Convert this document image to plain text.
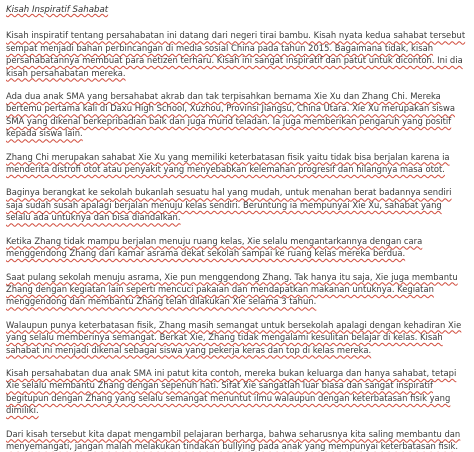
Kisah Inspiratif Sahabat

Kisah inspiratif tentang persahabatan ini datang dari negeri tirai bambu. Kisah nyata kedua sahabat tersebut sempat menjadi bahan perbincangan di media sosial China pada tahun 2015. Bagaimana tidak, kisah persahabatannya membuat para netizen terharu. Kisah ini sangat inspiratif dan patut untuk dicontoh. Ini dia kisah persahabatan mereka.

Ada dua anak SMA yang bersahabat akrab dan tak terpisahkan bernama Xie Xu dan Zhang Chi. Mereka bertemu pertama kali di Daxu High School, Xuzhou, Provinsi Jiangsu, China Utara. Xie Xu merupakan siswa SMA yang dikenal berkepribadian baik dan juga murid teladan. Ia juga memberikan pengaruh yang positif kepada siswa lain.

Zhang Chi merupakan sahabat Xie Xu yang memiliki keterbatasan fisik yaitu tidak bisa berjalan karena ia menderita distrofi otot atau penyakit yang menyebabkan kelemahan progresif dan hilangnya masa otot.

Baginya berangkat ke sekolah bukanlah sesuatu hal yang mudah, untuk menahan berat badannya sendiri saja sudah susah apalagi berjalan menuju kelas sendiri. Beruntung ia mempunyai Xie Xu, sahabat yang selalu ada untuknya dan bisa diandalkan.

Ketika Zhang tidak mampu berjalan menuju ruang kelas, Xie selalu mengantarkannya dengan cara menggendong Zhang dari kamar asrama dekat sekolah sampai ke ruang kelas mereka berdua.

Saat pulang sekolah menuju asrama, Xie pun menggendong Zhang. Tak hanya itu saja, Xie juga membantu Zhang dengan kegiatan lain seperti mencuci pakaian dan mendapatkan makanan untuknya. Kegiatan menggendong dan membantu Zhang telah dilakukan Xie selama 3 tahun.

Walaupun punya keterbatasan fisik, Zhang masih semangat untuk bersekolah apalagi dengan kehadiran Xie yang selalu memberinya semangat. Berkat Xie, Zhang tidak mengalami kesulitan belajar di kelas. Kisah sahabat ini menjadi dikenal sebagai siswa yang pekerja keras dan top di kelas mereka.

Kisah persahabatan dua anak SMA ini patut kita contoh, mereka bukan keluarga dan hanya sahabat, tetapi Xie selalu membantu Zhang dengan sepenuh hati. Sifat Xie sangatlah luar biasa dan sangat inspiratif begitupun dengan Zhang yang selalu semangat menuntut ilmu walaupun dengan keterbatasan fisik yang dimiliki.

Dari kisah tersebut kita dapat mengambil pelajaran berharga, bahwa seharusnya kita saling membantu dan menyemangati, jangan malah melakukan tindakan bullying pada anak yang mempunyai keterbatasan fisik.
